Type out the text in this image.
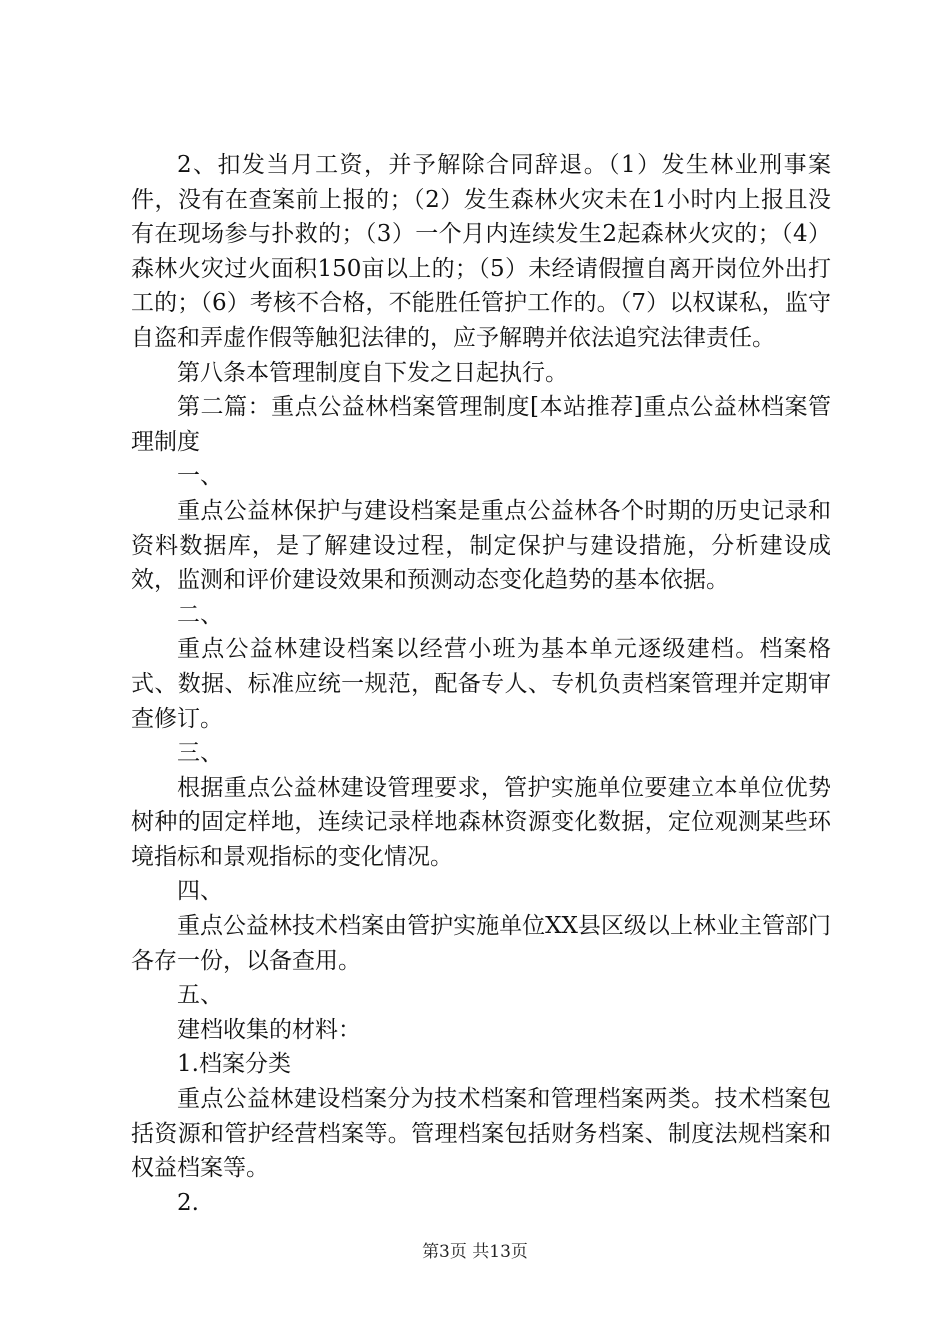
2、扣发当月工资，并予解除合同辞退。（1）发生林业刑事案件，没有在查案前上报的；（2）发生森林火灾未在1小时内上报且没有在现场参与扑救的；（3）一个月内连续发生2起森林火灾的；（4）森林火灾过火面积150亩以上的；（5）未经请假擅自离开岗位外出打工的；（6）考核不合格，不能胜任管护工作的。（7）以权谋私，监守自盗和弄虚作假等触犯法律的，应予解聘并依法追究法律责任。

第八条本管理制度自下发之日起执行。

第二篇：重点公益林档案管理制度[本站推荐]重点公益林档案管理制度

一、

重点公益林保护与建设档案是重点公益林各个时期的历史记录和资料数据库，是了解建设过程，制定保护与建设措施，分析建设成效，监测和评价建设效果和预测动态变化趋势的基本依据。

二、

重点公益林建设档案以经营小班为基本单元逐级建档。档案格式、数据、标准应统一规范，配备专人、专机负责档案管理并定期审查修订。

三、

根据重点公益林建设管理要求，管护实施单位要建立本单位优势树种的固定样地，连续记录样地森林资源变化数据，定位观测某些环境指标和景观指标的变化情况。

四、

重点公益林技术档案由管护实施单位XX县区级以上林业主管部门各存一份，以备查用。

五、

建档收集的材料：

1.档案分类

重点公益林建设档案分为技术档案和管理档案两类。技术档案包括资源和管护经营档案等。管理档案包括财务档案、制度法规档案和权益档案等。

2.

第3页 共13页
